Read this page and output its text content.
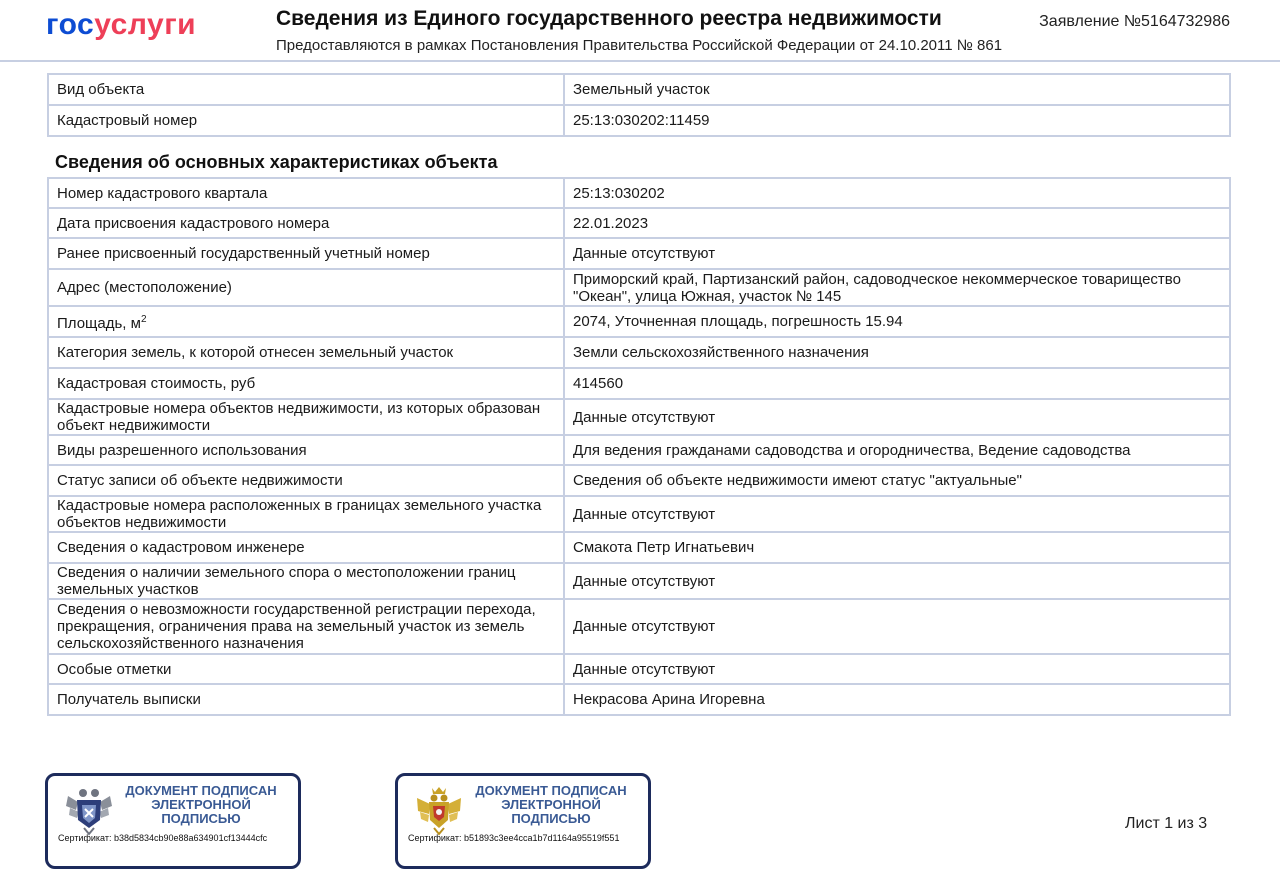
госуслуги	Сведения из Единого государственного реестра недвижимости
Предоставляются в рамках Постановления Правительства Российской Федерации от 24.10.2011 № 861
Заявление №5164732986
Вид объекта	Земельный участок
Кадастровый номер	25:13:030202:11459
Сведения об основных характеристиках объекта
Номер кадастрового квартала	25:13:030202
Дата присвоения кадастрового номера	22.01.2023
Ранее присвоенный государственный учетный номер	Данные отсутствуют
Адрес (местоположение)	Приморский край, Партизанский район, садоводческое некоммерческое товарищество "Океан", улица Южная, участок № 145
Площадь, $м^2$	2074, Уточненная площадь, погрешность 15.94
Категория земель, к которой отнесен земельный участок	Земли сельскохозяйственного назначения
Кадастровая стоимость, руб	414560
Кадастровые номера объектов недвижимости, из которых образован объект недвижимости	Данные отсутствуют
Виды разрешенного использования	Для ведения гражданами садоводства и огородничества, Ведение садоводства
Статус записи об объекте недвижимости	Сведения об объекте недвижимости имеют статус "актуальные"
Кадастровые номера расположенных в границах земельного участка объектов недвижимости	Данные отсутствуют
Сведения о кадастровом инженере	Смакота Петр Игнатьевич
Сведения о наличии земельного спора о местоположении границ земельных участков	Данные отсутствуют
Сведения о невозможности государственной регистрации перехода, прекращения, ограничения права на земельный участок из земель сельскохозяйственного назначения	Данные отсутствуют
Особые отметки	Данные отсутствуют
Получатель выписки	Некрасова Арина Игоревна
ДОКУМЕНТ ПОДПИСАН ЭЛЕКТРОННОЙ ПОДПИСЬЮ
Сертификат: b38d5834cb90e88a634901cf13444cfc
ДОКУМЕНТ ПОДПИСАН ЭЛЕКТРОННОЙ ПОДПИСЬЮ
Сертификат: b51893c3ee4cca1b7d1164a95519f551
Лист 1 из 3
